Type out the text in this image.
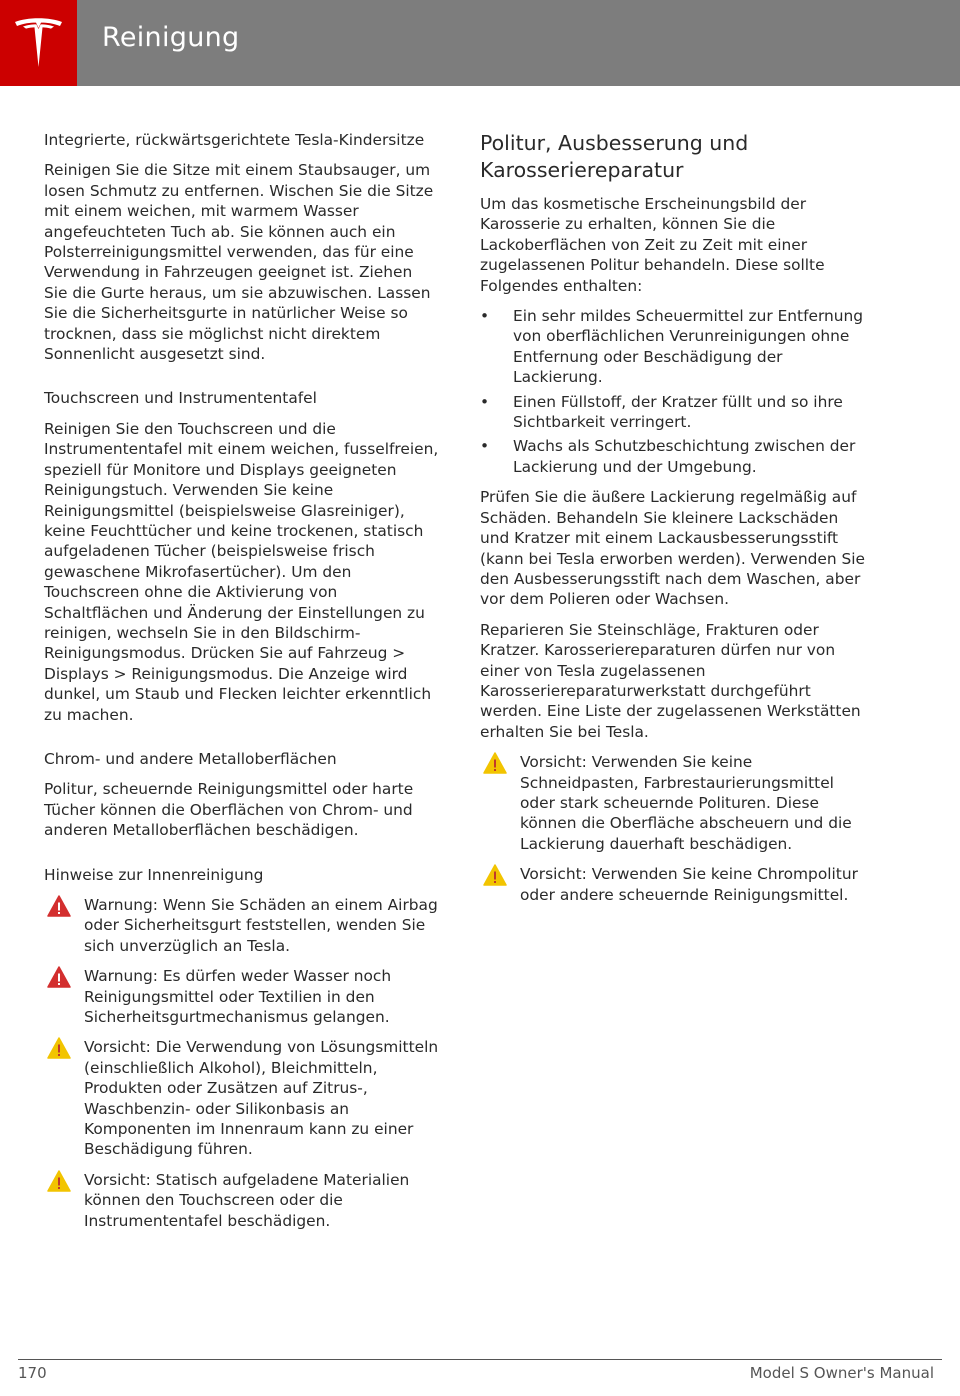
Reinigung

Integrierte, rückwärtsgerichtete Tesla-Kindersitze

Reinigen Sie die Sitze mit einem Staubsauger, um losen Schmutz zu entfernen. Wischen Sie die Sitze mit einem weichen, mit warmem Wasser angefeuchteten Tuch ab. Sie können auch ein Polsterreinigungsmittel verwenden, das für eine Verwendung in Fahrzeugen geeignet ist. Ziehen Sie die Gurte heraus, um sie abzuwischen. Lassen Sie die Sicherheitsgurte in natürlicher Weise so trocknen, dass sie möglichst nicht direktem Sonnenlicht ausgesetzt sind.

Touchscreen und Instrumententafel

Reinigen Sie den Touchscreen und die Instrumententafel mit einem weichen, fusselfreien, speziell für Monitore und Displays geeigneten Reinigungstuch. Verwenden Sie keine Reinigungsmittel (beispielsweise Glasreiniger), keine Feuchttücher und keine trockenen, statisch aufgeladenen Tücher (beispielsweise frisch gewaschene Mikrofasertücher). Um den Touchscreen ohne die Aktivierung von Schaltflächen und Änderung der Einstellungen zu reinigen, wechseln Sie in den Bildschirm-Reinigungsmodus. Drücken Sie auf Fahrzeug > Displays > Reinigungsmodus. Die Anzeige wird dunkel, um Staub und Flecken leichter erkenntlich zu machen.

Chrom- und andere Metalloberflächen

Politur, scheuernde Reinigungsmittel oder harte Tücher können die Oberflächen von Chrom- und anderen Metalloberflächen beschädigen.

Hinweise zur Innenreinigung

Warnung: Wenn Sie Schäden an einem Airbag oder Sicherheitsgurt feststellen, wenden Sie sich unverzüglich an Tesla.
Warnung: Es dürfen weder Wasser noch Reinigungsmittel oder Textilien in den Sicherheitsgurtmechanismus gelangen.
Vorsicht: Die Verwendung von Lösungsmitteln (einschließlich Alkohol), Bleichmitteln, Produkten oder Zusätzen auf Zitrus-, Waschbenzin- oder Silikonbasis an Komponenten im Innenraum kann zu einer Beschädigung führen.
Vorsicht: Statisch aufgeladene Materialien können den Touchscreen oder die Instrumententafel beschädigen.
Politur, Ausbesserung und Karosseriereparatur

Um das kosmetische Erscheinungsbild der Karosserie zu erhalten, können Sie die Lackoberflächen von Zeit zu Zeit mit einer zugelassenen Politur behandeln. Diese sollte Folgendes enthalten:

• Ein sehr mildes Scheuermittel zur Entfernung von oberflächlichen Verunreinigungen ohne Entfernung oder Beschädigung der Lackierung.
• Einen Füllstoff, der Kratzer füllt und so ihre Sichtbarkeit verringert.
• Wachs als Schutzbeschichtung zwischen der Lackierung und der Umgebung.

Prüfen Sie die äußere Lackierung regelmäßig auf Schäden. Behandeln Sie kleinere Lackschäden und Kratzer mit einem Lackausbesserungsstift (kann bei Tesla erworben werden). Verwenden Sie den Ausbesserungsstift nach dem Waschen, aber vor dem Polieren oder Wachsen.

Reparieren Sie Steinschläge, Frakturen oder Kratzer. Karosseriereparaturen dürfen nur von einer von Tesla zugelassenen Karosseriereparaturwerkstatt durchgeführt werden. Eine Liste der zugelassenen Werkstätten erhalten Sie bei Tesla.

Vorsicht: Verwenden Sie keine Schneidpasten, Farbrestaurierungsmittel oder stark scheuernde Polituren. Diese können die Oberfläche abscheuern und die Lackierung dauerhaft beschädigen.
Vorsicht: Verwenden Sie keine Chrompolitur oder andere scheuernde Reinigungsmittel.
170	Model S Owner's Manual
